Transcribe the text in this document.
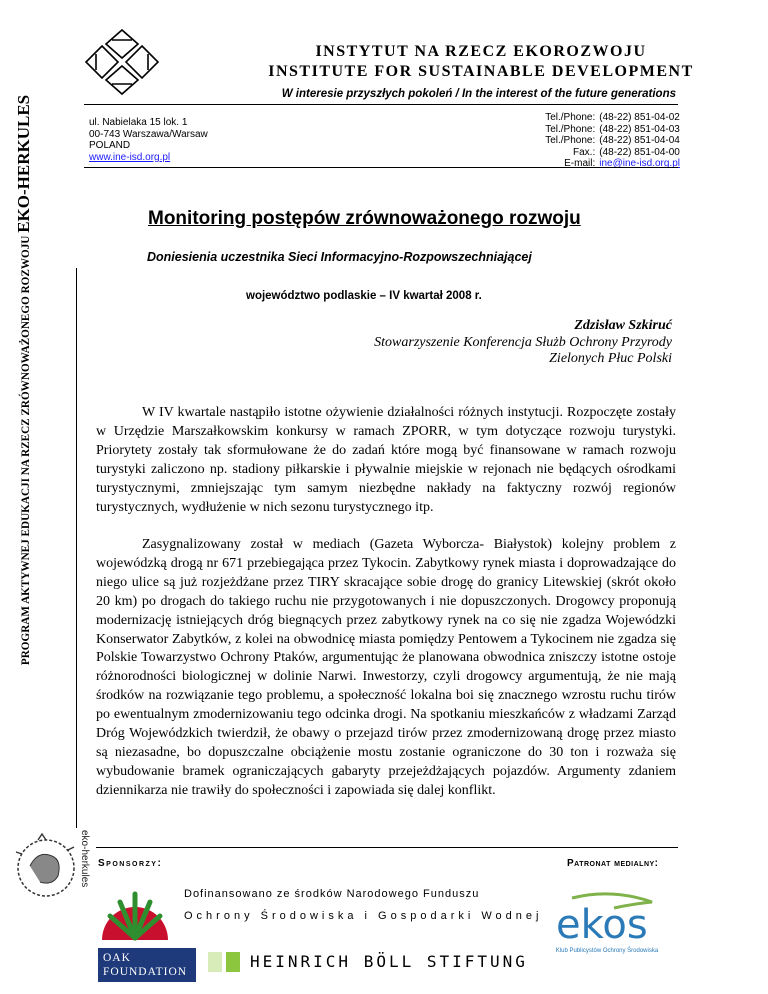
INSTYTUT NA RZECZ EKOROZWOJU
INSTITUTE FOR SUSTAINABLE DEVELOPMENT
W interesie przyszłych pokoleń / In the interest of the future generations
ul. Nabielaka 15 lok. 1
00-743 Warszawa/Warsaw
POLAND
www.ine-isd.org.pl
Tel./Phone:	(48-22) 851-04-02
Tel./Phone:	(48-22) 851-04-03
Tel./Phone:	(48-22) 851-04-04
Fax.:	(48-22) 851-04-00
E-mail:	ine@ine-isd.org.pl
PROGRAM AKTYWNEJ EDUKACJI NA RZECZ ZRÓWNOWAŻONEGO ROZWOJU EKO-HERKULES	Monitoring postępów zrównoważonego rozwoju
Doniesienia uczestnika Sieci Informacyjno-Rozpowszechniającej
województwo podlaskie – IV kwartał 2008 r.
Zdzisław Szkiruć
Stowarzyszenie Konferencja Służb Ochrony Przyrody
Zielonych Płuc Polski

W IV kwartale nastąpiło istotne ożywienie działalności różnych instytucji. Rozpoczęte zostały w Urzędzie Marszałkowskim konkursy w ramach ZPORR, w tym dotyczące rozwoju turystyki. Priorytety zostały tak sformułowane że do zadań które mogą być finansowane w ramach rozwoju turystyki zaliczono np. stadiony piłkarskie i pływalnie miejskie w rejonach nie będących ośrodkami turystycznymi, zmniejszając tym samym niezbędne nakłady na faktyczny rozwój regionów turystycznych, wydłużenie w nich sezonu turystycznego itp.

Zasygnalizowany został w mediach (Gazeta Wyborcza- Białystok) kolejny problem z wojewódzką drogą nr 671 przebiegająca przez Tykocin. Zabytkowy rynek miasta i doprowadzające do niego ulice są już rozjeżdżane przez TIRY skracające sobie drogę do granicy Litewskiej (skrót około 20 km) po drogach do takiego ruchu nie przygotowanych i nie dopuszczonych. Drogowcy proponują modernizację istniejących dróg biegnących przez zabytkowy rynek na co się nie zgadza Wojewódzki Konserwator Zabytków, z kolei na obwodnicę miasta pomiędzy Pentowem a Tykocinem nie zgadza się Polskie Towarzystwo Ochrony Ptaków, argumentując że planowana obwodnica zniszczy istotne ostoje różnorodności biologicznej w dolinie Narwi. Inwestorzy, czyli drogowcy argumentują, że nie mają środków na rozwiązanie tego problemu, a społeczność lokalna boi się znacznego wzrostu ruchu tirów po ewentualnym zmodernizowaniu tego odcinka drogi. Na spotkaniu mieszkańców z władzami Zarząd Dróg Wojewódzkich twierdził, że obawy o przejazd tirów przez zmodernizowaną drogę przez miasto są niezasadne, bo dopuszczalne obciążenie mostu zostanie ograniczone do 30 ton i rozważa się wybudowanie bramek ograniczających gabaryty przejeżdżających pojazdów. Argumenty zdaniem dziennikarza nie trawiły do społeczności i zapowiada się dalej konflikt.

eko-herkules Sponsorzy:	Patronat medialny:
Dofinansowano ze środków Narodowego Funduszu
Ochrony Środowiska i Gospodarki Wodnej
OAK
FOUNDATION
HEINRICH BÖLL STIFTUNG
ekos
Klub Publicystów Ochrony Środowiska
